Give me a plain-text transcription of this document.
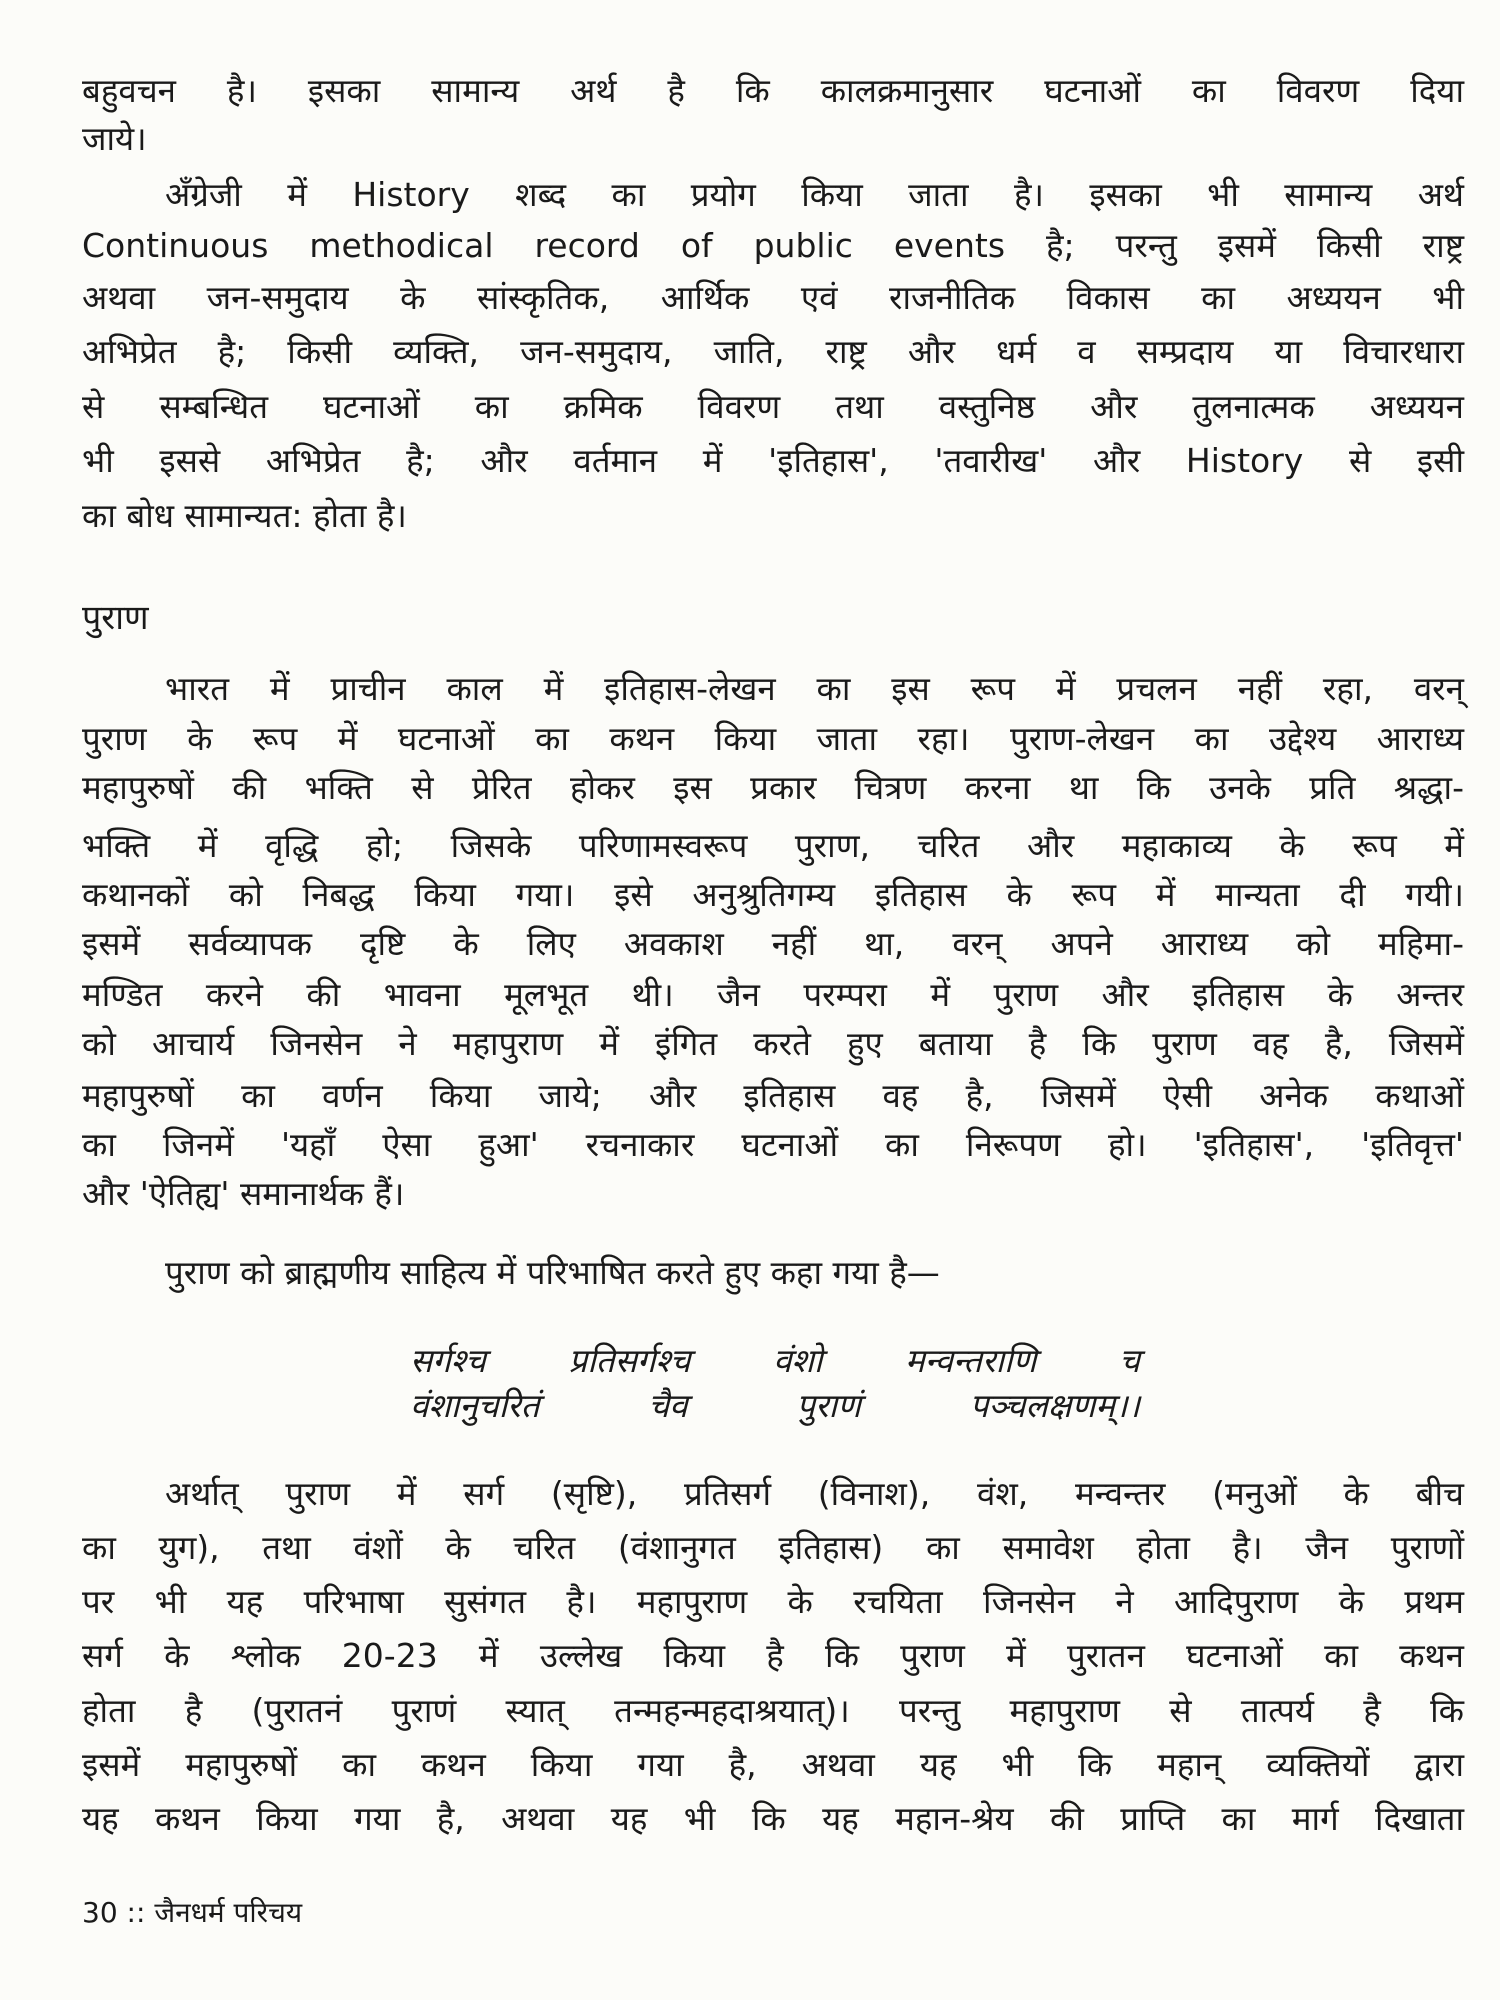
बहुवचन है। इसका सामान्य अर्थ है कि कालक्रमानुसार घटनाओं का विवरण दिया
जाये।
अँग्रेजी में History शब्द का प्रयोग किया जाता है। इसका भी सामान्य अर्थ
Continuous methodical record of public events है; परन्तु इसमें किसी राष्ट्र
अथवा जन-समुदाय के सांस्कृतिक, आर्थिक एवं राजनीतिक विकास का अध्ययन भी
अभिप्रेत है; किसी व्यक्ति, जन-समुदाय, जाति, राष्ट्र और धर्म व सम्प्रदाय या विचारधारा
से सम्बन्धित घटनाओं का क्रमिक विवरण तथा वस्तुनिष्ठ और तुलनात्मक अध्ययन
भी इससे अभिप्रेत है; और वर्तमान में 'इतिहास', 'तवारीख' और History से इसी
का बोध सामान्यत: होता है।
पुराण
भारत में प्राचीन काल में इतिहास-लेखन का इस रूप में प्रचलन नहीं रहा, वरन्
पुराण के रूप में घटनाओं का कथन किया जाता रहा। पुराण-लेखन का उद्देश्य आराध्य
महापुरुषों की भक्ति से प्रेरित होकर इस प्रकार चित्रण करना था कि उनके प्रति श्रद्धा-
भक्ति में वृद्धि हो; जिसके परिणामस्वरूप पुराण, चरित और महाकाव्य के रूप में
कथानकों को निबद्ध किया गया। इसे अनुश्रुतिगम्य इतिहास के रूप में मान्यता दी गयी।
इसमें सर्वव्यापक दृष्टि के लिए अवकाश नहीं था, वरन् अपने आराध्य को महिमा-
मण्डित करने की भावना मूलभूत थी। जैन परम्परा में पुराण और इतिहास के अन्तर
को आचार्य जिनसेन ने महापुराण में इंगित करते हुए बताया है कि पुराण वह है, जिसमें
महापुरुषों का वर्णन किया जाये; और इतिहास वह है, जिसमें ऐसी अनेक कथाओं
का जिनमें 'यहाँ ऐसा हुआ' रचनाकार घटनाओं का निरूपण हो। 'इतिहास', 'इतिवृत्त'
और 'ऐतिह्य' समानार्थक हैं।
पुराण को ब्राह्मणीय साहित्य में परिभाषित करते हुए कहा गया है—
सर्गश्च प्रतिसर्गश्च वंशो मन्वन्तराणि च
वंशानुचरितं चैव पुराणं पञ्चलक्षणम्।।
अर्थात् पुराण में सर्ग (सृष्टि), प्रतिसर्ग (विनाश), वंश, मन्वन्तर (मनुओं के बीच
का युग), तथा वंशों के चरित (वंशानुगत इतिहास) का समावेश होता है। जैन पुराणों
पर भी यह परिभाषा सुसंगत है। महापुराण के रचयिता जिनसेन ने आदिपुराण के प्रथम
सर्ग के श्लोक 20-23 में उल्लेख किया है कि पुराण में पुरातन घटनाओं का कथन
होता है (पुरातनं पुराणं स्यात् तन्महन्महदाश्रयात्)। परन्तु महापुराण से तात्पर्य है कि
इसमें महापुरुषों का कथन किया गया है, अथवा यह भी कि महान् व्यक्तियों द्वारा
यह कथन किया गया है, अथवा यह भी कि यह महान-श्रेय की प्राप्ति का मार्ग दिखाता
30 :: जैनधर्म परिचय
